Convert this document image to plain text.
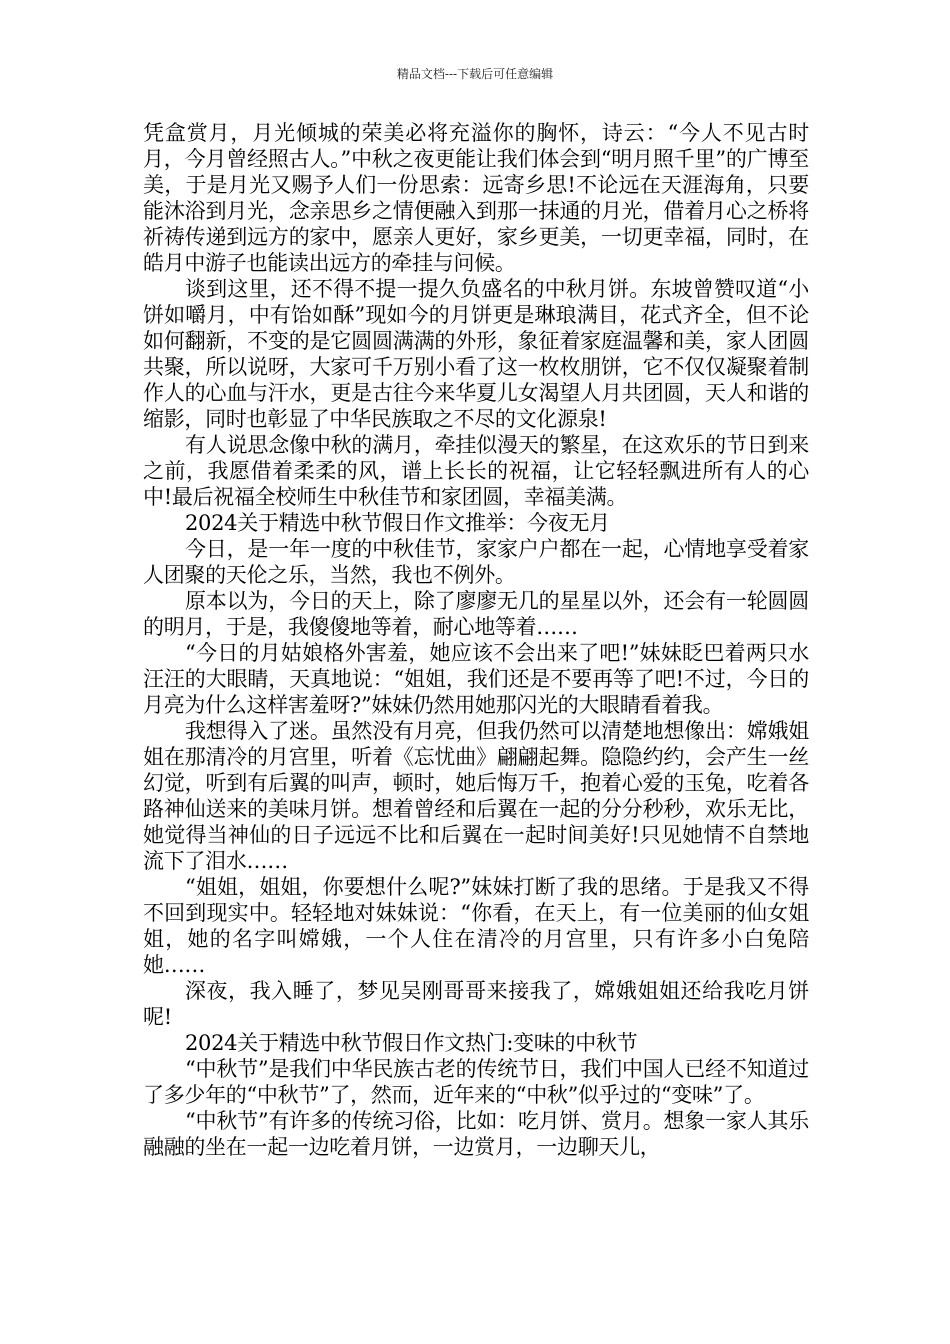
精品文档---下载后可任意编辑

凭盒赏月，月光倾城的荣美必将充溢你的胸怀，诗云：“今人不见古时月，今月曾经照古人。”中秋之夜更能让我们体会到“明月照千里”的广博至美，于是月光又赐予人们一份思索：远寄乡思!不论远在天涯海角，只要能沐浴到月光，念亲思乡之情便融入到那一抹通的月光，借着月心之桥将祈祷传递到远方的家中，愿亲人更好，家乡更美，一切更幸福，同时，在皓月中游子也能读出远方的牵挂与问候。

谈到这里，还不得不提一提久负盛名的中秋月饼。东坡曾赞叹道“小饼如嚼月，中有饴如酥”现如今的月饼更是琳琅满目，花式齐全，但不论如何翻新，不变的是它圆圆满满的外形，象征着家庭温馨和美，家人团圆共聚，所以说呀，大家可千万别小看了这一枚枚朋饼，它不仅仅凝聚着制作人的心血与汗水，更是古往今来华夏儿女渴望人月共团圆，天人和谐的缩影，同时也彰显了中华民族取之不尽的文化源泉!

有人说思念像中秋的满月，牵挂似漫天的繁星，在这欢乐的节日到来之前，我愿借着柔柔的风，谱上长长的祝福，让它轻轻飘进所有人的心中!最后祝福全校师生中秋佳节和家团圆，幸福美满。

2024关于精选中秋节假日作文推举：今夜无月

今日，是一年一度的中秋佳节，家家户户都在一起，心情地享受着家人团聚的天伦之乐，当然，我也不例外。

原本以为，今日的天上，除了廖廖无几的星星以外，还会有一轮圆圆的明月，于是，我傻傻地等着，耐心地等着……

“今日的月姑娘格外害羞，她应该不会出来了吧!”妹妹眨巴着两只水汪汪的大眼睛，天真地说：“姐姐，我们还是不要再等了吧!不过，今日的月亮为什么这样害羞呀?”妹妹仍然用她那闪光的大眼睛看着我。

我想得入了迷。虽然没有月亮，但我仍然可以清楚地想像出：嫦娥姐姐在那清冷的月宫里，听着《忘忧曲》翩翩起舞。隐隐约约，会产生一丝幻觉，听到有后翼的叫声，顿时，她后悔万千，抱着心爱的玉兔，吃着各路神仙送来的美味月饼。想着曾经和后翼在一起的分分秒秒，欢乐无比，她觉得当神仙的日子远远不比和后翼在一起时间美好!只见她情不自禁地流下了泪水……

“姐姐，姐姐，你要想什么呢?”妹妹打断了我的思绪。于是我又不得不回到现实中。轻轻地对妹妹说：“你看，在天上，有一位美丽的仙女姐姐，她的名字叫嫦娥，一个人住在清冷的月宫里，只有许多小白兔陪她……

深夜，我入睡了，梦见吴刚哥哥来接我了，嫦娥姐姐还给我吃月饼呢!

2024关于精选中秋节假日作文热门:变味的中秋节

“中秋节”是我们中华民族古老的传统节日，我们中国人已经不知道过了多少年的“中秋节”了，然而，近年来的“中秋”似乎过的“变味”了。

“中秋节”有许多的传统习俗，比如：吃月饼、赏月。想象一家人其乐融融的坐在一起一边吃着月饼，一边赏月，一边聊天儿，
